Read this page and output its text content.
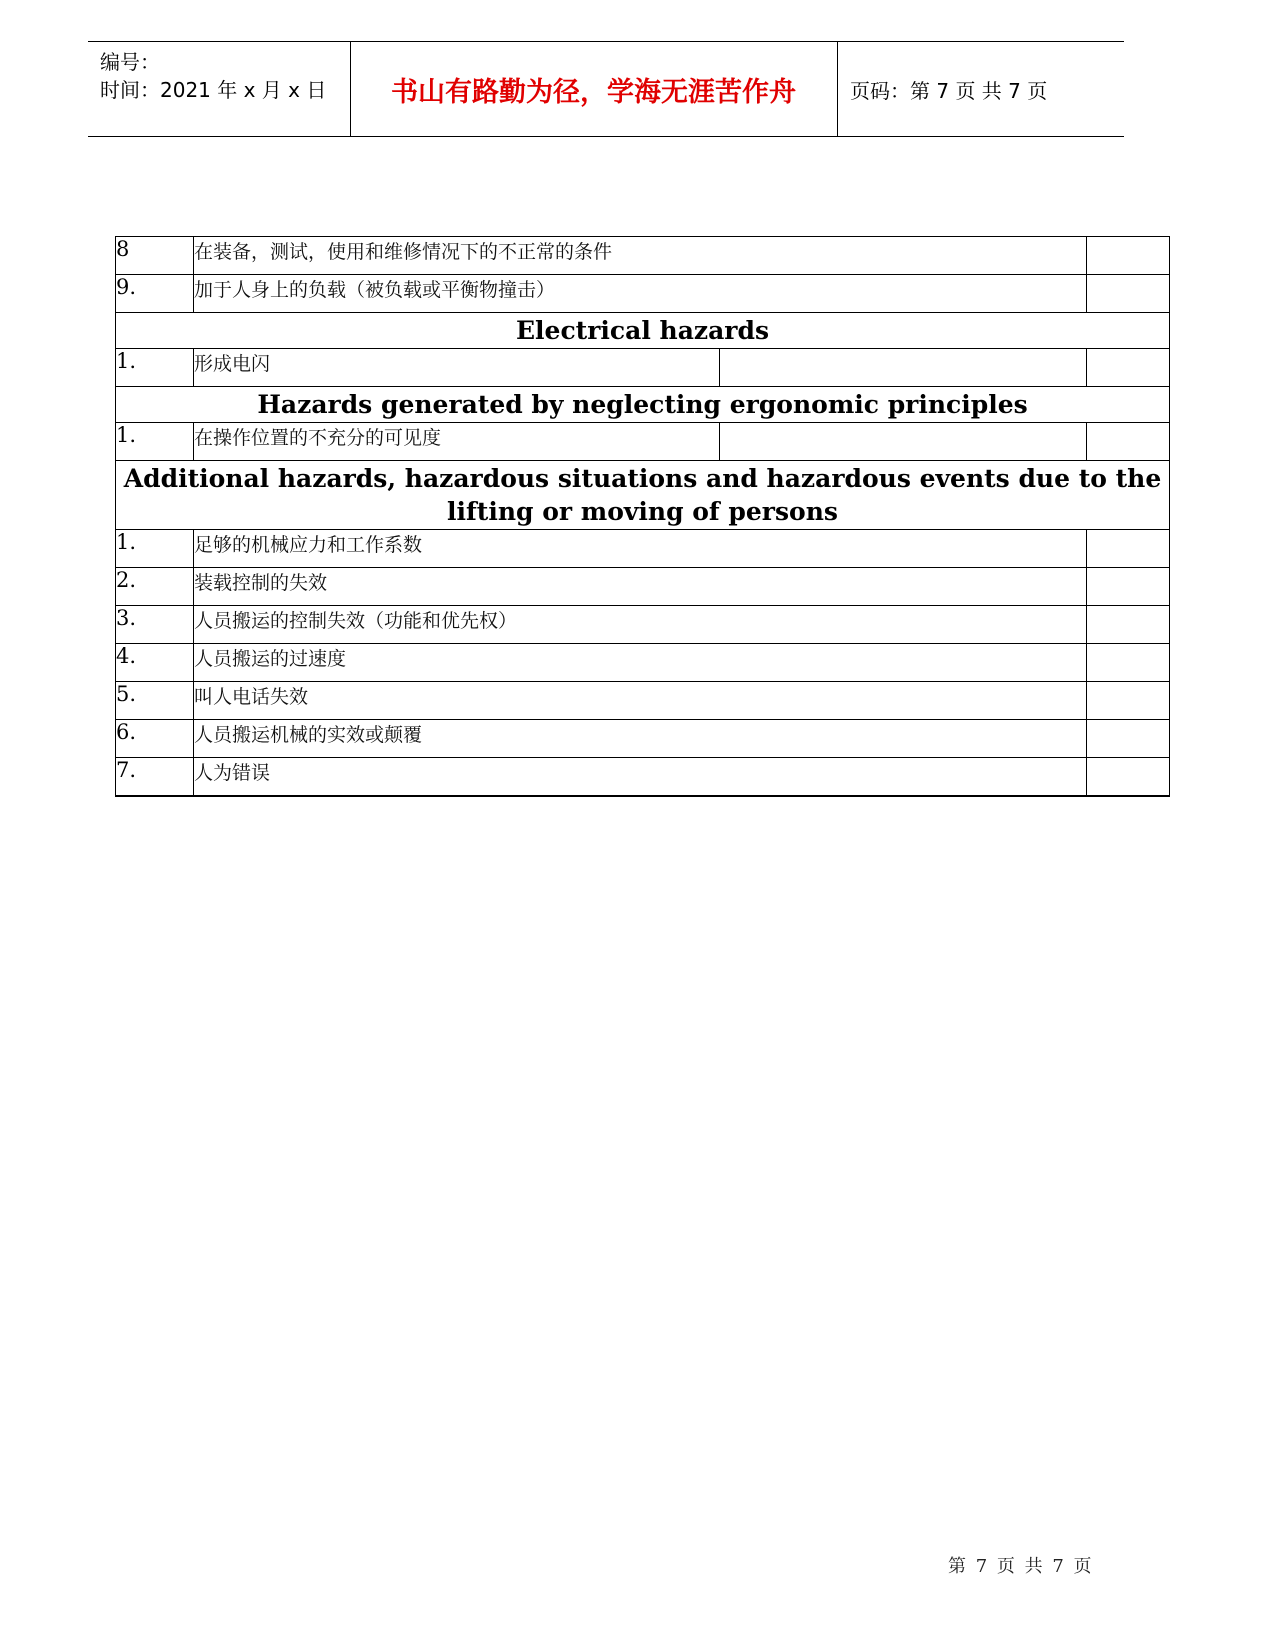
编号：
时间：2021 年 x 月 x 日	书山有路勤为径，学海无涯苦作舟	页码：第 7 页 共 7 页
8	在装备，测试，使用和维修情况下的不正常的条件		
9.	加于人身上的负载（被负载或平衡物撞击）		
Electrical hazards			
1.	形成电闪		
Hazards generated by neglecting ergonomic principles			
1.	在操作位置的不充分的可见度		
Additional hazards, hazardous situations and hazardous events due to the lifting or moving of persons			
1.	足够的机械应力和工作系数		
2.	装载控制的失效		
3.	人员搬运的控制失效（功能和优先权）		
4.	人员搬运的过速度		
5.	叫人电话失效		
6.	人员搬运机械的实效或颠覆		
7.	人为错误		
第 7 页 共 7 页
